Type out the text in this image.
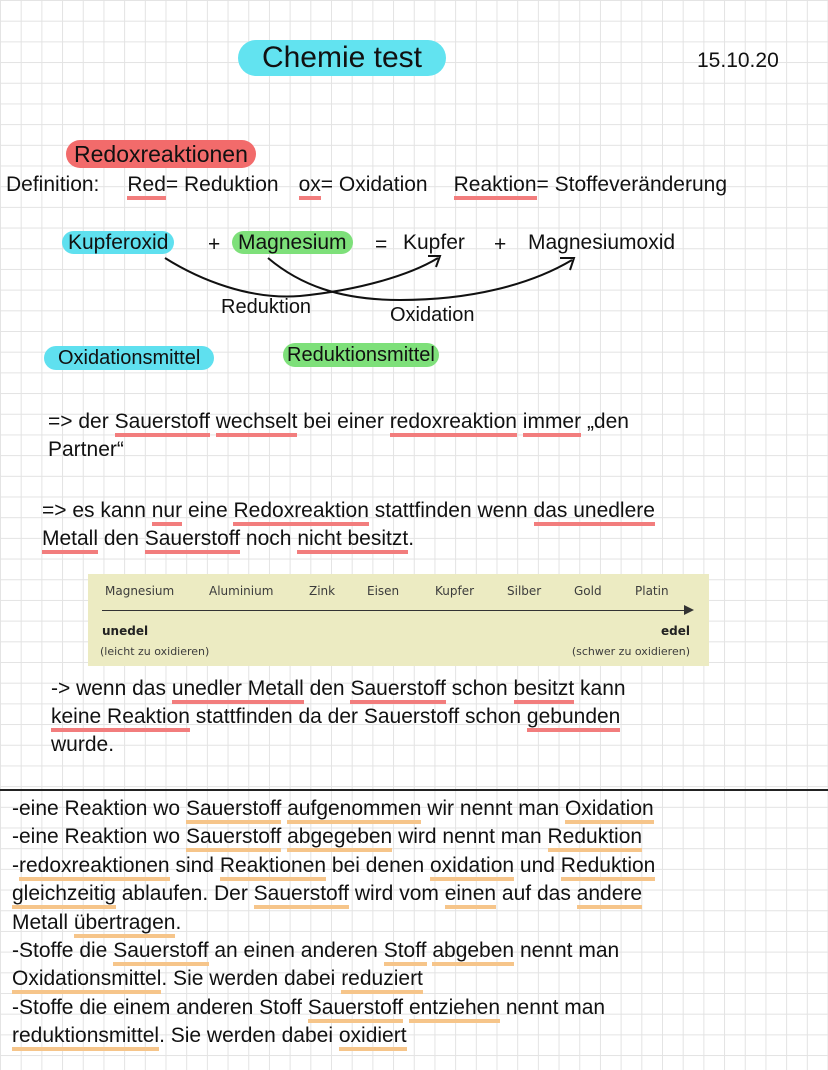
Chemie test	15.10.20
Redoxreaktionen
Definition: Red= Reduktion ox= Oxidation Reaktion= Stoffeveränderung
Kupferoxid + Magnesium = Kupfer + Magnesiumoxid
Reduktion	Oxidation
Oxidationsmittel	Reduktionsmittel
=> der Sauerstoff wechselt bei einer redoxreaktion immer „den
Partner“
=> es kann nur eine Redoxreaktion stattfinden wenn das unedlere
Metall den Sauerstoff noch nicht besitzt.
Magnesium	Aluminium	Zink	Eisen	Kupfer	Silber	Gold	Platin
unedel	edel
(leicht zu oxidieren)	(schwer zu oxidieren)
-> wenn das unedler Metall den Sauerstoff schon besitzt kann
keine Reaktion stattfinden da der Sauerstoff schon gebunden
wurde.
-eine Reaktion wo Sauerstoff aufgenommen wir nennt man Oxidation
-eine Reaktion wo Sauerstoff abgegeben wird nennt man Reduktion
-redoxreaktionen sind Reaktionen bei denen oxidation und Reduktion
gleichzeitig ablaufen. Der Sauerstoff wird vom einen auf das andere
Metall übertragen.
-Stoffe die Sauerstoff an einen anderen Stoff abgeben nennt man
Oxidationsmittel. Sie werden dabei reduziert
-Stoffe die einem anderen Stoff Sauerstoff entziehen nennt man
reduktionsmittel. Sie werden dabei oxidiert
